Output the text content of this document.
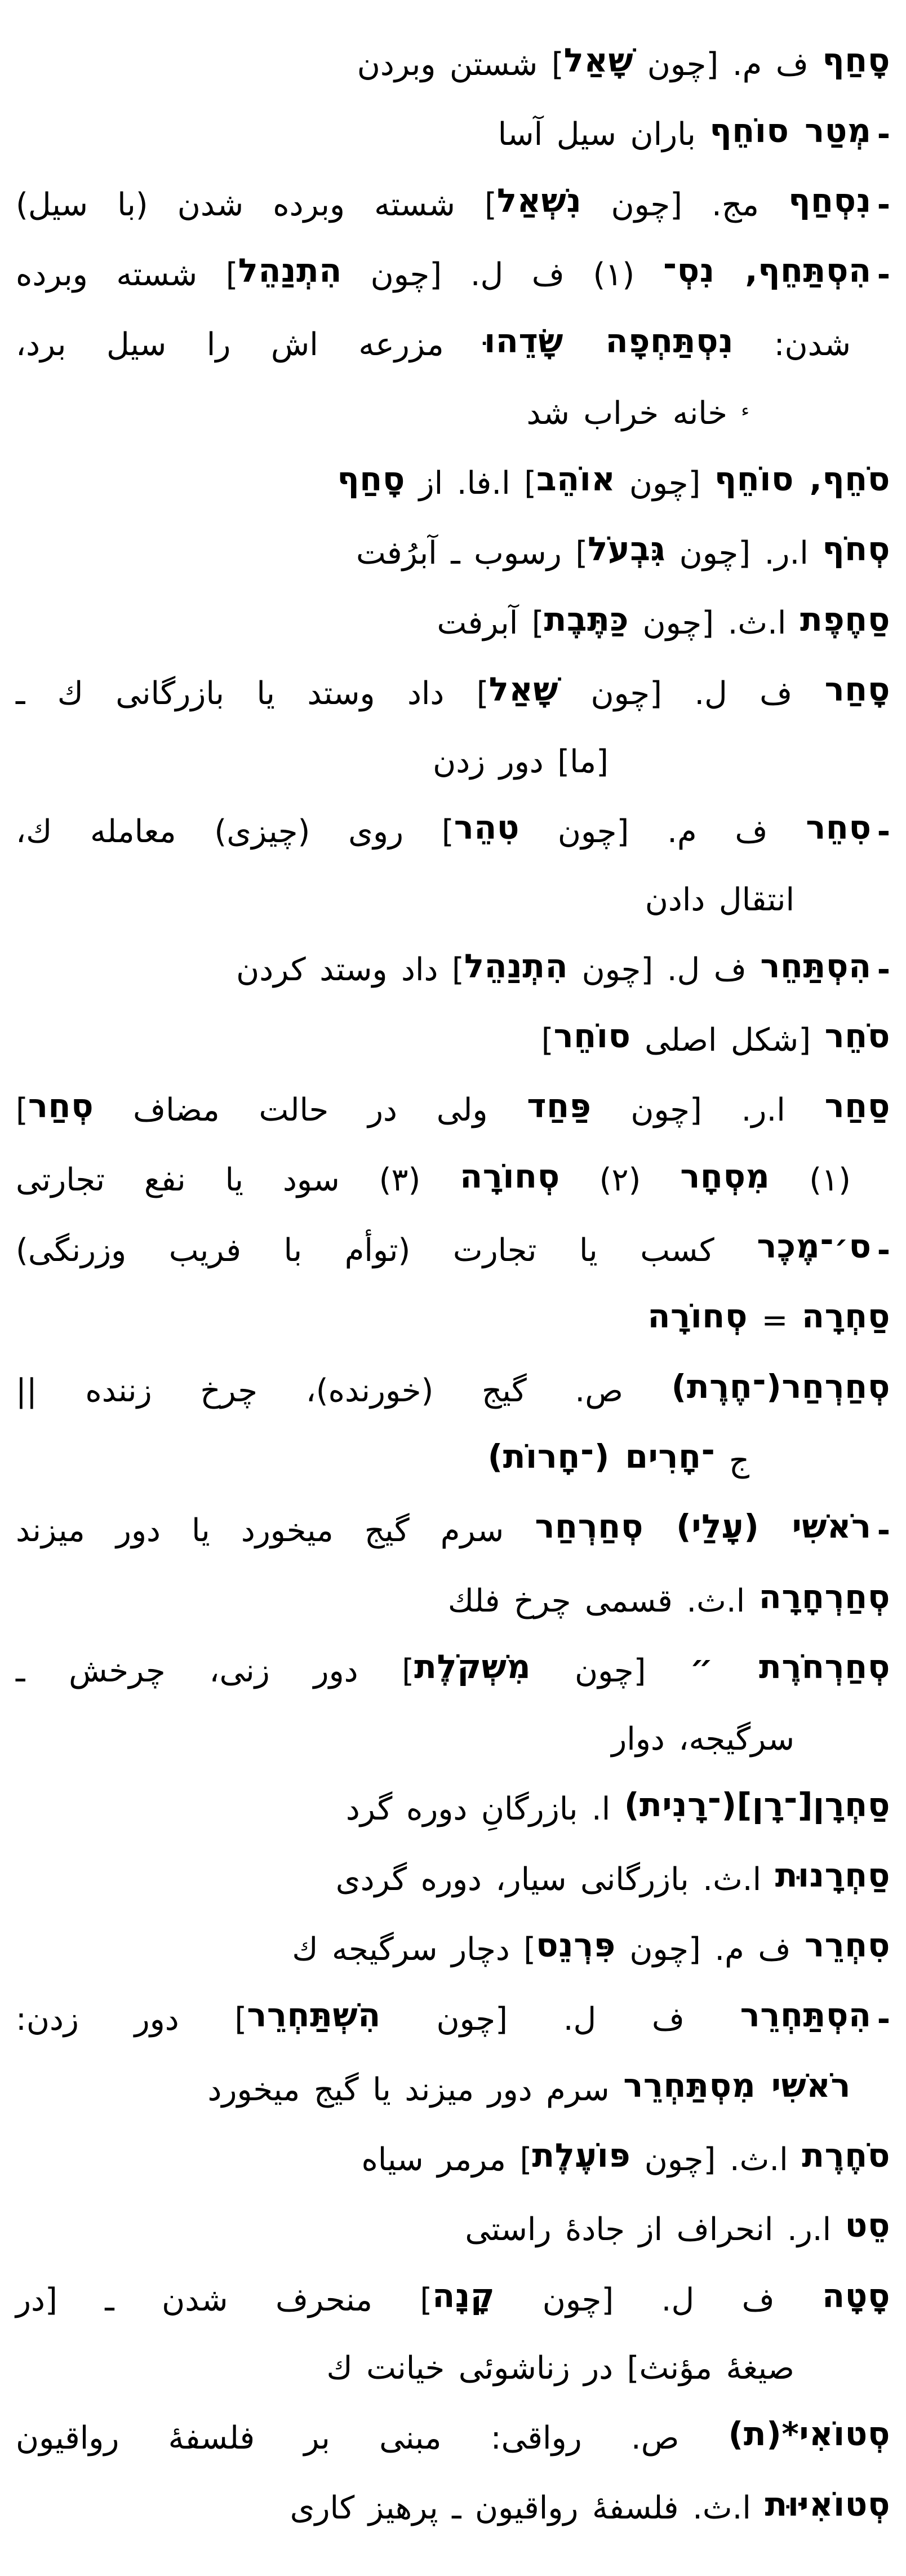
סָחַף ف م. [چون שָׁאַל] شستن وبردن
-מְטַר סוֹחֵף باران سيل آسا
-נִסְחַף مج. [چون נִשְׁאַל] شسته وبرده شدن (با سيل)
-הִסְתַּחֵף, נִסְ־ (۱) ف ل. [چون הִתְנַהֵל] شسته وبرده
شدن: נִסְתַּחְפָה שָׂדֵהוּ مزرعه اش را سيل برد،
$^ء$ خانه خراب شد
סֹחֵף, סוֹחֵף [چون אוֹהֵב] ا.فا. از סָחַף
סְחֹף ا.ر. [چون גִּבְעֹל] رسوب ـ آبرُفت
סַחֶפֶת ا.ث. [چون כַּתֶּבֶת] آبرفت
סָחַר ف ل. [چون שָׁאַל] داد وستد يا بازرگانى ك ـ
[ما] دور زدن
-סִחֵר ف م. [چون טִהֵר] روى (چيزى) معامله ك،
انتقال دادن
-הִסְתַּחֵר ف ل. [چون הִתְנַהֵל] داد وستد كردن
סֹחֵר [شكل اصلى סוֹחֵר]
סַחַר ا.ر. [چون פַּחַד ولى در حالت مضاف סְחַר]
(۱) מִסְחָר (۲) סְחוֹרָה (۳) سود يا نفع تجارتى
-ס׳־מֶכֶר كسب يا تجارت (توأم با فريب وزرنگى)
סַחְרָה = סְחוֹרָה
סְחַרְחַר(־חֶרֶת) ص. گيج (خورنده)، چرخ زننده ||
ج ־חָרִים (־חָרוֹת)
-רֹאשִׁי (עָלַי) סְחַרְחַר سرم گيج ميخورد يا دور ميزند
סְחַרְחָרָה ا.ث. قسمى چرخ فلك
סְחַרְחֹרֶת ״ [چون מִשְׁקֹלֶת] دور زنى، چرخش ـ
سرگيجه، دوار
סַחְרָן[־רָן](־רָנִית) ا. بازرگانِ دوره گرد
סַחְרָנוּת ا.ث. بازرگانى سيار، دوره گردى
סִחְרֵר ف م. [چون פִּרְנֵס] دچار سرگيجه ك
-הִסְתַּחְרֵר ف ل. [چون הִשְׁתַּחְרֵר] دور زدن:
רֹאשִׁי מִסְתַּחְרֵר سرم دور ميزند يا گيج ميخورد
סֹחֶרֶת ا.ث. [چون פּוֹעֶלֶת] مرمر سياه
סֵט ا.ر. انحراف از جادهٔ راستى
סָטָה ف ل. [چون קָנָה] منحرف شدن ـ [در
صيغهٔ مؤنث] در زناشوئى خيانت ك
סְטוֹאִי*(ת) ص. رواقى: مبنى بر فلسفهٔ رواقيون
סְטוֹאִיּוּת ا.ث. فلسفهٔ رواقيون ـ پرهيز كارى
